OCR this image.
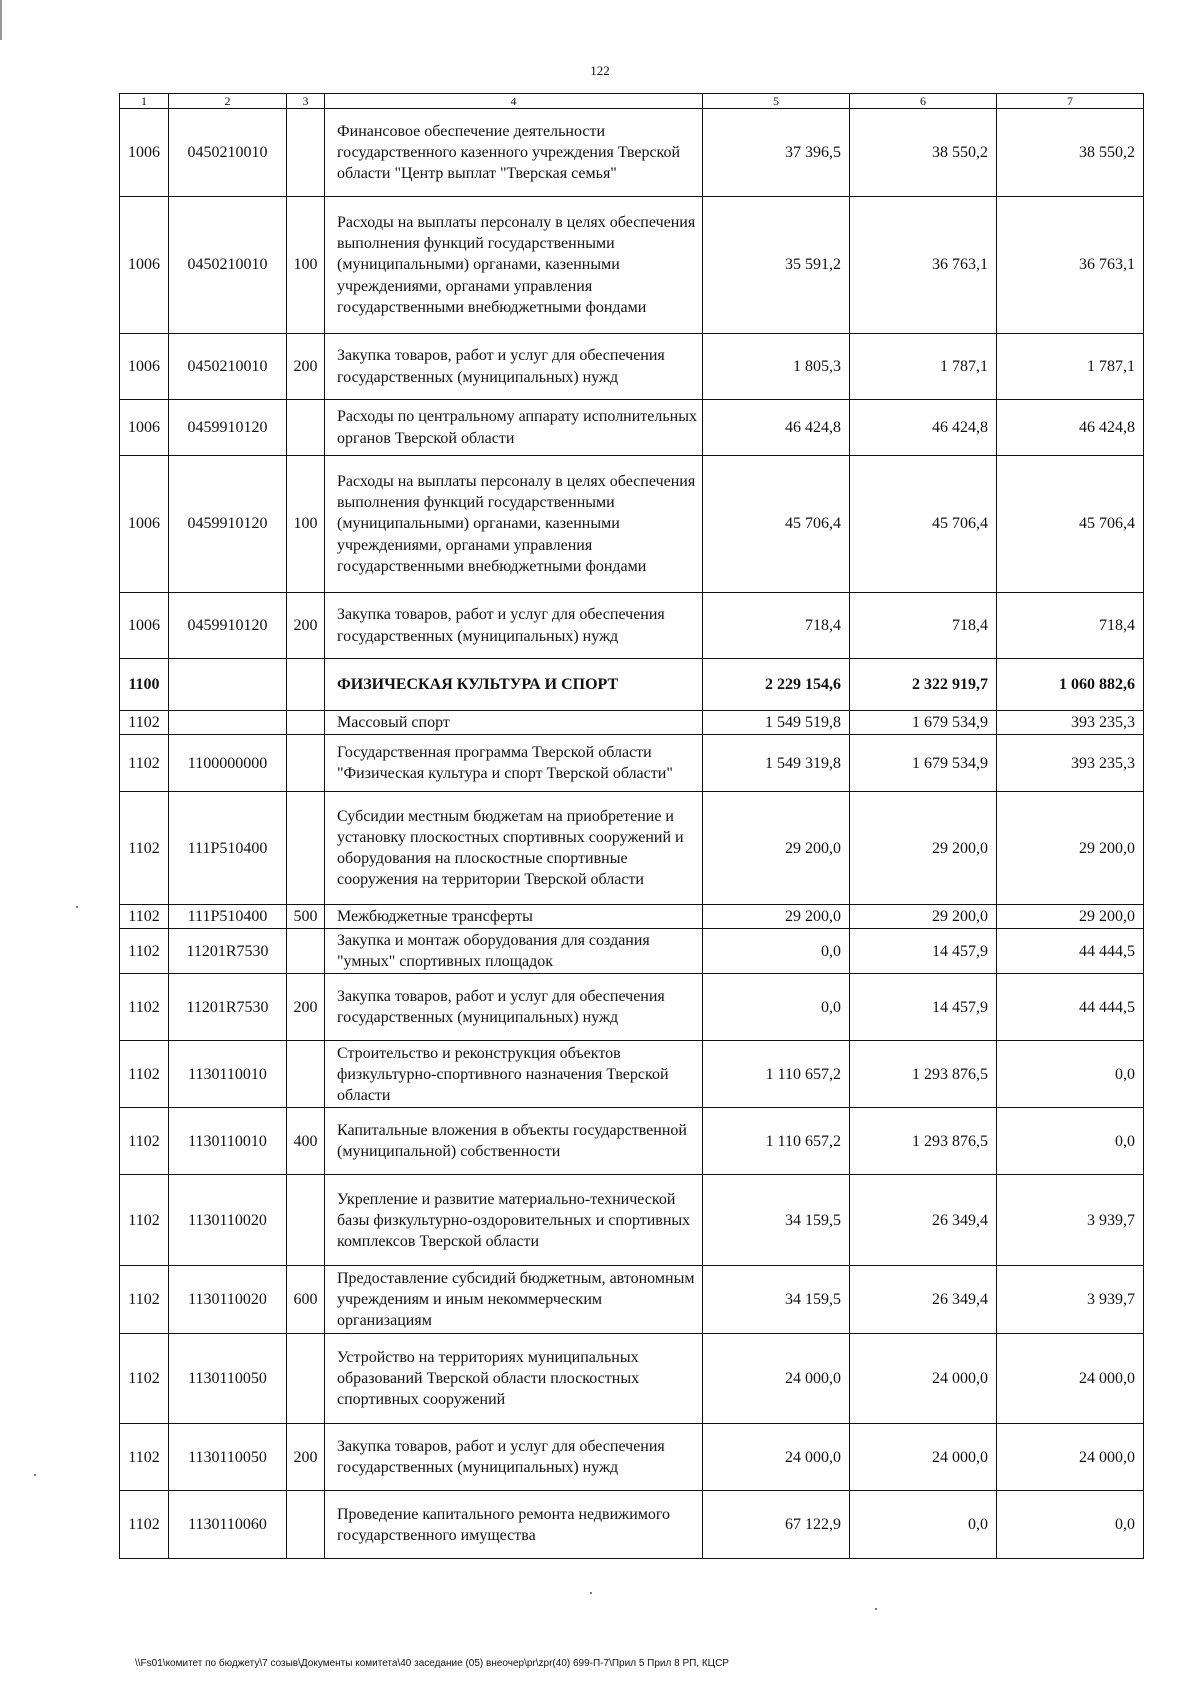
122
1	2	3	4	5	6	7
1006	0450210010		Финансовое обеспечение деятельности государственного казенного учреждения Тверской области "Центр выплат "Тверская семья"	37 396,5	38 550,2	38 550,2
1006	0450210010	100	Расходы на выплаты персоналу в целях обеспечения выполнения функций государственными (муниципальными) органами, казенными учреждениями, органами управления государственными внебюджетными фондами	35 591,2	36 763,1	36 763,1
1006	0450210010	200	Закупка товаров, работ и услуг для обеспечения государственных (муниципальных) нужд	1 805,3	1 787,1	1 787,1
1006	0459910120		Расходы по центральному аппарату исполнительных органов Тверской области	46 424,8	46 424,8	46 424,8
1006	0459910120	100	Расходы на выплаты персоналу в целях обеспечения выполнения функций государственными (муниципальными) органами, казенными учреждениями, органами управления государственными внебюджетными фондами	45 706,4	45 706,4	45 706,4
1006	0459910120	200	Закупка товаров, работ и услуг для обеспечения государственных (муниципальных) нужд	718,4	718,4	718,4
1100			ФИЗИЧЕСКАЯ КУЛЬТУРА И СПОРТ	2 229 154,6	2 322 919,7	1 060 882,6
1102			Массовый спорт	1 549 519,8	1 679 534,9	393 235,3
1102	1100000000		Государственная программа Тверской области "Физическая культура и спорт Тверской области"	1 549 319,8	1 679 534,9	393 235,3
1102	111P510400		Субсидии местным бюджетам на приобретение и установку плоскостных спортивных сооружений и оборудования на плоскостные спортивные сооружения на территории Тверской области	29 200,0	29 200,0	29 200,0
1102	111P510400	500	Межбюджетные трансферты	29 200,0	29 200,0	29 200,0
1102	11201R7530		Закупка и монтаж оборудования для создания "умных" спортивных площадок	0,0	14 457,9	44 444,5
1102	11201R7530	200	Закупка товаров, работ и услуг для обеспечения государственных (муниципальных) нужд	0,0	14 457,9	44 444,5
1102	1130110010		Строительство и реконструкция объектов физкультурно-спортивного назначения Тверской области	1 110 657,2	1 293 876,5	0,0
1102	1130110010	400	Капитальные вложения в объекты государственной (муниципальной) собственности	1 110 657,2	1 293 876,5	0,0
1102	1130110020		Укрепление и развитие материально-технической базы физкультурно-оздоровительных и спортивных комплексов Тверской области	34 159,5	26 349,4	3 939,7
1102	1130110020	600	Предоставление субсидий бюджетным, автономным учреждениям и иным некоммерческим организациям	34 159,5	26 349,4	3 939,7
1102	1130110050		Устройство на территориях муниципальных образований Тверской области плоскостных спортивных сооружений	24 000,0	24 000,0	24 000,0
1102	1130110050	200	Закупка товаров, работ и услуг для обеспечения государственных (муниципальных) нужд	24 000,0	24 000,0	24 000,0
1102	1130110060		Проведение капитального ремонта недвижимого государственного имущества	67 122,9	0,0	0,0
\\Fs01\комитет по бюджету\7 созыв\Документы комитета\40 заседание (05) внеочер\pr\zpr(40) 699-П-7\Прил 5 Прил 8 РП, КЦСР
